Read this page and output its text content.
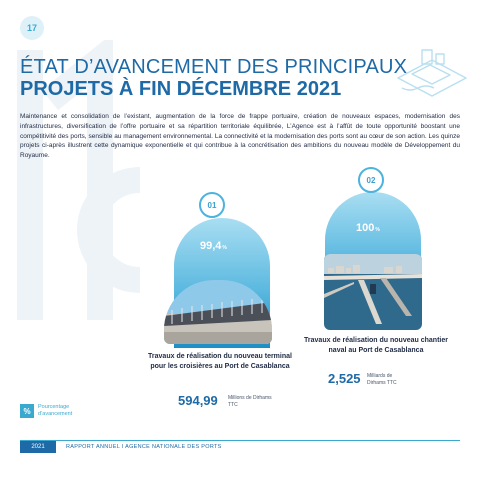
17
ÉTAT D’AVANCEMENT DES PRINCIPAUX
PROJETS À FIN DÉCEMBRE 2021
Maintenance et consolidation de l’existant, augmentation de la force de frappe portuaire, création de nouveaux espaces, modernisation des infrastructures, diversification de l’offre portuaire et sa répartition territoriale équilibrée, L’Agence est à l’affût de toute opportunité boostant une compétitivité des ports, sensible au management environnemental. La connectivité et la modernisation des ports sont au cœur de son action. Les quinze projets ci-après illustrent cette dynamique exponentielle et qui contribue à la concrétisation des ambitions du nouveau modèle de Développement du Royaume.
01
99,4%
Travaux de réalisation du nouveau terminal pour les croisières au Port de Casablanca
594,99 Millions de Dirhams TTC
02
100%
Travaux de réalisation du nouveau chantier naval au Port de Casablanca
2,525 Milliards de Dirhams TTC
%	Pourcentage d’avancement
2021	RAPPORT ANNUEL I AGENCE NATIONALE DES PORTS
